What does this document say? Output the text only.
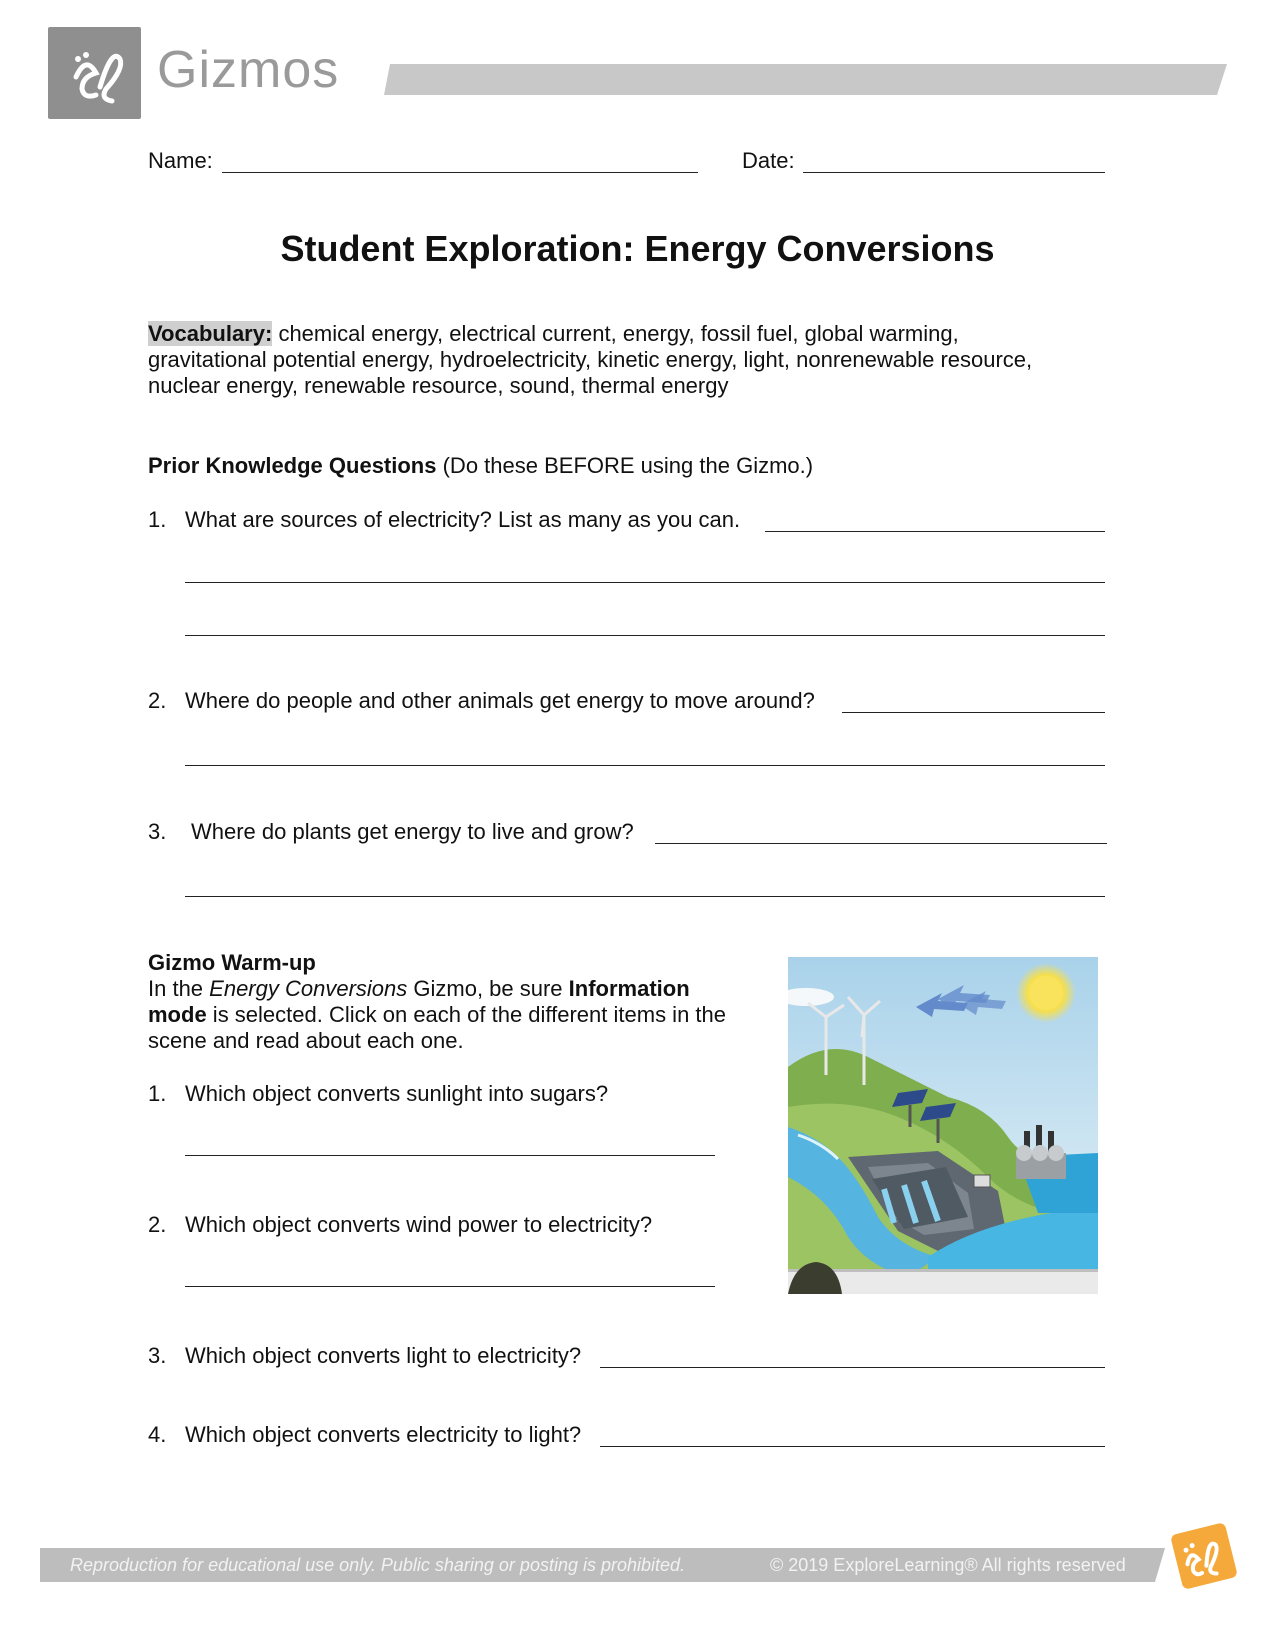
Gizmos
Name:	Date:
Student Exploration: Energy Conversions
Vocabulary: chemical energy, electrical current, energy, fossil fuel, global warming,
gravitational potential energy, hydroelectricity, kinetic energy, light, nonrenewable resource,
nuclear energy, renewable resource, sound, thermal energy
Prior Knowledge Questions (Do these BEFORE using the Gizmo.)
1. What are sources of electricity? List as many as you can.
2. Where do people and other animals get energy to move around?
3. Where do plants get energy to live and grow?
Gizmo Warm-up
In the Energy Conversions Gizmo, be sure Information
mode is selected. Click on each of the different items in the
scene and read about each one.
1. Which object converts sunlight into sugars?
2. Which object converts wind power to electricity?
3. Which object converts light to electricity?
4. Which object converts electricity to light?
Reproduction for educational use only. Public sharing or posting is prohibited.	© 2019 ExploreLearning® All rights reserved
